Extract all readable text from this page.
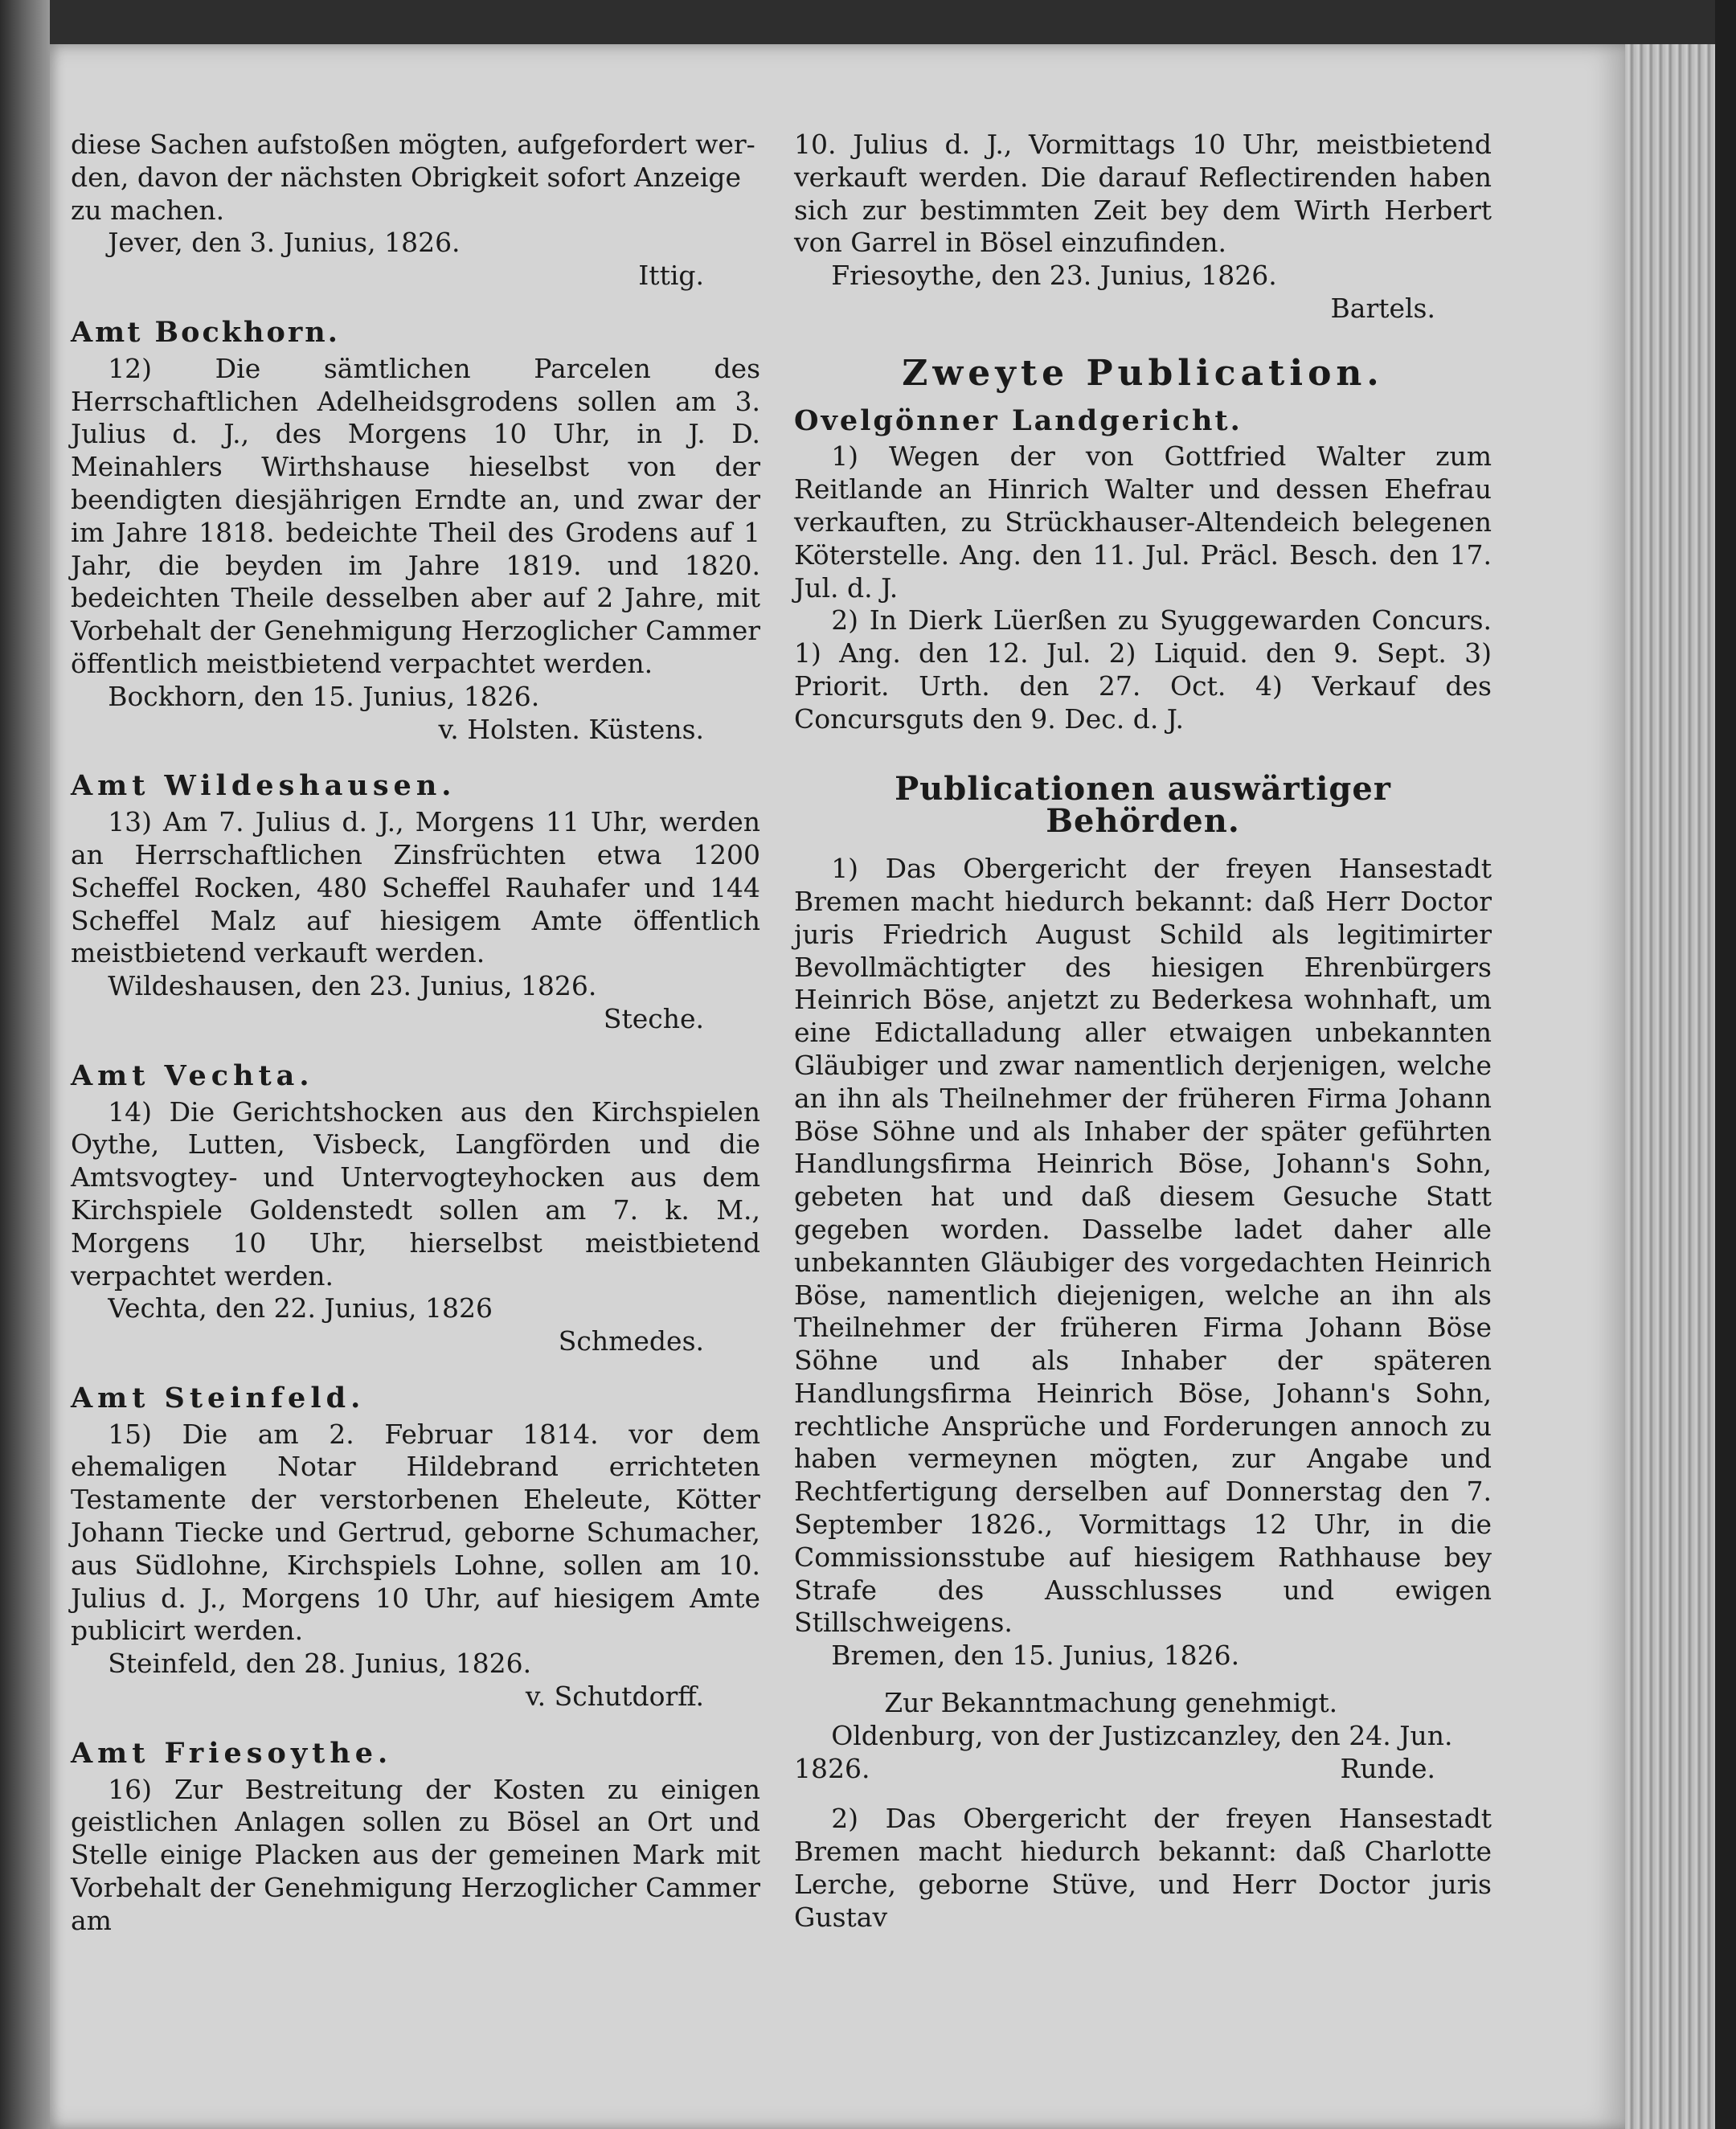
diese Sachen aufstoßen mögten, aufgefordert wer-

den, davon der nächsten Obrigkeit sofort Anzeige

zu machen.

Jever, den 3. Junius, 1826.

Ittig.

Amt Bockhorn.

12) Die sämtlichen Parcelen des Herrschaftlichen Adelheidsgrodens sollen am 3. Julius d. J., des Morgens 10 Uhr, in J. D. Meinahlers Wirthshause hieselbst von der beendigten diesjährigen Erndte an, und zwar der im Jahre 1818. bedeichte Theil des Grodens auf 1 Jahr, die beyden im Jahre 1819. und 1820. bedeichten Theile desselben aber auf 2 Jahre, mit Vorbehalt der Genehmigung Herzoglicher Cammer öffentlich meistbietend verpachtet werden.

Bockhorn, den 15. Junius, 1826.

v. Holsten. Küstens.

Amt Wildeshausen.

13) Am 7. Julius d. J., Morgens 11 Uhr, werden an Herrschaftlichen Zinsfrüchten etwa 1200 Scheffel Rocken, 480 Scheffel Rauhafer und 144 Scheffel Malz auf hiesigem Amte öffentlich meistbietend verkauft werden.

Wildeshausen, den 23. Junius, 1826.

Steche.

Amt Vechta.

14) Die Gerichtshocken aus den Kirchspielen Oythe, Lutten, Visbeck, Langförden und die Amtsvogtey- und Untervogteyhocken aus dem Kirchspiele Goldenstedt sollen am 7. k. M., Morgens 10 Uhr, hierselbst meistbietend verpachtet werden.

Vechta, den 22. Junius, 1826

Schmedes.

Amt Steinfeld.

15) Die am 2. Februar 1814. vor dem ehemaligen Notar Hildebrand errichteten Testamente der verstorbenen Eheleute, Kötter Johann Tiecke und Gertrud, geborne Schumacher, aus Südlohne, Kirchspiels Lohne, sollen am 10. Julius d. J., Morgens 10 Uhr, auf hiesigem Amte publicirt werden.

Steinfeld, den 28. Junius, 1826.

v. Schutdorff.

Amt Friesoythe.

16) Zur Bestreitung der Kosten zu einigen geistlichen Anlagen sollen zu Bösel an Ort und Stelle einige Placken aus der gemeinen Mark mit Vorbehalt der Genehmigung Herzoglicher Cammer am

10. Julius d. J., Vormittags 10 Uhr, meistbietend verkauft werden. Die darauf Reflectirenden haben sich zur bestimmten Zeit bey dem Wirth Herbert von Garrel in Bösel einzufinden.

Friesoythe, den 23. Junius, 1826.

Bartels.

Zweyte Publication.
Ovelgönner Landgericht.

1) Wegen der von Gottfried Walter zum Reitlande an Hinrich Walter und dessen Ehefrau verkauften, zu Strückhauser-Altendeich belegenen Köterstelle. Ang. den 11. Jul. Präcl. Besch. den 17. Jul. d. J.

2) In Dierk Lüerßen zu Syuggewarden Concurs. 1) Ang. den 12. Jul. 2) Liquid. den 9. Sept. 3) Priorit. Urth. den 27. Oct. 4) Verkauf des Concursguts den 9. Dec. d. J.

Publicationen auswärtiger Behörden.

1) Das Obergericht der freyen Hansestadt Bremen macht hiedurch bekannt: daß Herr Doctor juris Friedrich August Schild als legitimirter Bevollmächtigter des hiesigen Ehrenbürgers Heinrich Böse, anjetzt zu Bederkesa wohnhaft, um eine Edictalladung aller etwaigen unbekannten Gläubiger und zwar namentlich derjenigen, welche an ihn als Theilnehmer der früheren Firma Johann Böse Söhne und als Inhaber der später geführten Handlungsfirma Heinrich Böse, Johann's Sohn, gebeten hat und daß diesem Gesuche Statt gegeben worden. Dasselbe ladet daher alle unbekannten Gläubiger des vorgedachten Heinrich Böse, namentlich diejenigen, welche an ihn als Theilnehmer der früheren Firma Johann Böse Söhne und als Inhaber der späteren Handlungsfirma Heinrich Böse, Johann's Sohn, rechtliche Ansprüche und Forderungen annoch zu haben vermeynen mögten, zur Angabe und Rechtfertigung derselben auf Donnerstag den 7. September 1826., Vormittags 12 Uhr, in die Commissionsstube auf hiesigem Rathhause bey Strafe des Ausschlusses und ewigen Stillschweigens.

Bremen, den 15. Junius, 1826.

Zur Bekanntmachung genehmigt.

Oldenburg, von der Justizcanzley, den 24. Jun.

1826.	Runde.

2) Das Obergericht der freyen Hansestadt Bremen macht hiedurch bekannt: daß Charlotte Lerche, geborne Stüve, und Herr Doctor juris Gustav
